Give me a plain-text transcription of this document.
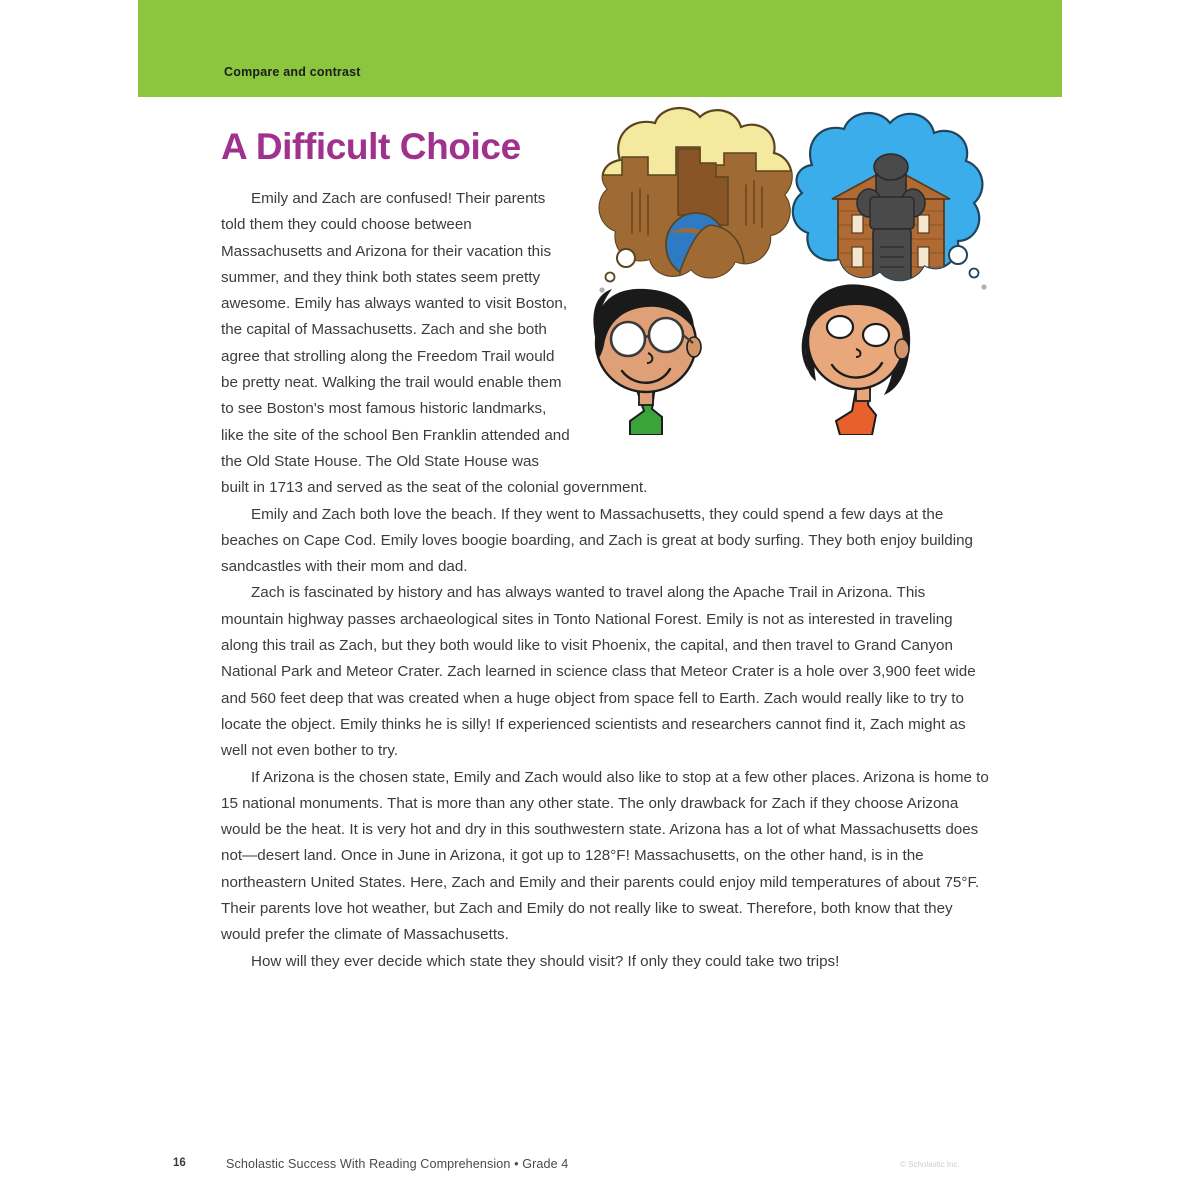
Compare and contrast
A Difficult Choice

Emily and Zach are confused! Their parents told them they could choose between Massachusetts and Arizona for their vacation this summer, and they think both states seem pretty awesome. Emily has always wanted to visit Boston, the capital of Massachusetts. Zach and she both agree that strolling along the Freedom Trail would be pretty neat. Walking the trail would enable them to see Boston's most famous historic landmarks, like the site of the school Ben Franklin attended and the Old State House. The Old State House was built in 1713 and served as the seat of the colonial government.

Emily and Zach both love the beach. If they went to Massachusetts, they could spend a few days at the beaches on Cape Cod. Emily loves boogie boarding, and Zach is great at body surfing. They both enjoy building sandcastles with their mom and dad.

Zach is fascinated by history and has always wanted to travel along the Apache Trail in Arizona. This mountain highway passes archaeological sites in Tonto National Forest. Emily is not as interested in traveling along this trail as Zach, but they both would like to visit Phoenix, the capital, and then travel to Grand Canyon National Park and Meteor Crater. Zach learned in science class that Meteor Crater is a hole over 3,900 feet wide and 560 feet deep that was created when a huge object from space fell to Earth. Zach would really like to try to locate the object. Emily thinks he is silly! If experienced scientists and researchers cannot find it, Zach might as well not even bother to try.

If Arizona is the chosen state, Emily and Zach would also like to stop at a few other places. Arizona is home to 15 national monuments. That is more than any other state. The only drawback for Zach if they choose Arizona would be the heat. It is very hot and dry in this southwestern state. Arizona has a lot of what Massachusetts does not—desert land. Once in June in Arizona, it got up to 128°F! Massachusetts, on the other hand, is in the northeastern United States. Here, Zach and Emily and their parents could enjoy mild temperatures of about 75°F. Their parents love hot weather, but Zach and Emily do not really like to sweat. Therefore, both know that they would prefer the climate of Massachusetts.

How will they ever decide which state they should visit? If only they could take two trips!

16	Scholastic Success With Reading Comprehension • Grade 4	© Scholastic Inc.
